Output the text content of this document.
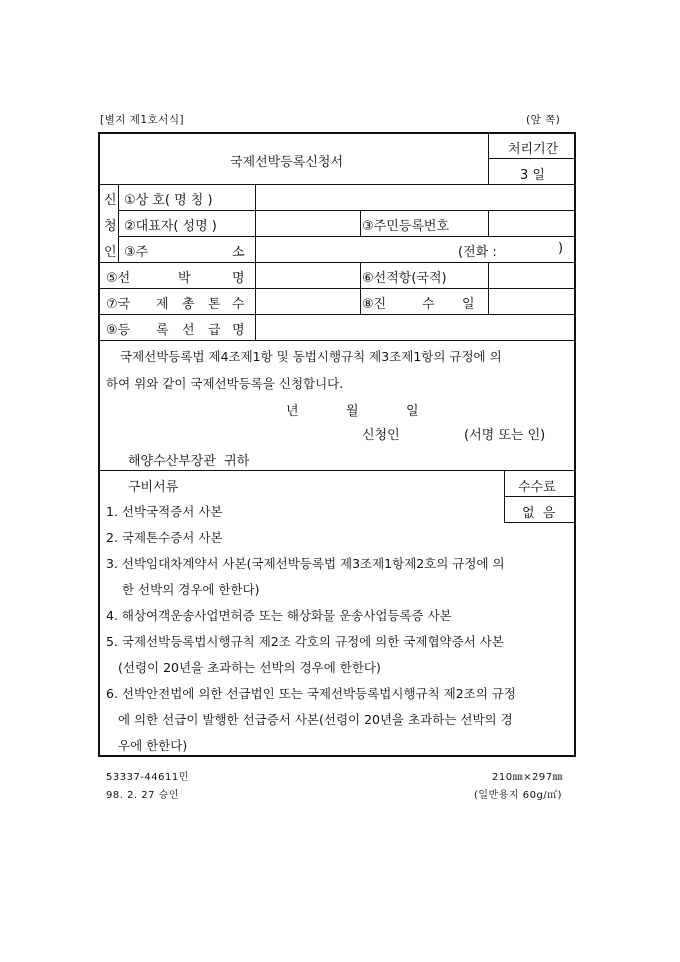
[별지 제1호서식]	(앞 쪽)
국제선박등록신청서
처리기간
3 일
신
청
인
①상 호( 명 칭 )
②대표자( 성명 )	③주민등록번호
③주	소	(전화 :	)
⑤선	박	명	⑥선적항(국적)
⑦국 제 총 톤 수	⑧진	수 일
⑨등 록 선 급 명
국제선박등록법 제4조제1항 및 동법시행규칙 제3조제1항의 규정에 의
하여 위와 같이 국제선박등록을 신청합니다.
년	월	일
신청인	(서명 또는 인)
해양수산부장관  귀하
구비서류	수수료
없  음
1. 선박국적증서 사본
2. 국제톤수증서 사본
3. 선박임대차계약서 사본(국제선박등록법 제3조제1항제2호의 규정에 의
한 선박의 경우에 한한다)
4. 해상여객운송사업면허증 또는 해상화물 운송사업등록증 사본
5. 국제선박등록법시행규칙 제2조 각호의 규정에 의한 국제협약증서 사본
(선령이 20년을 초과하는 선박의 경우에 한한다)
6. 선박안전법에 의한 선급법인 또는 국제선박등록법시행규칙 제2조의 규정
에 의한 선급이 발행한 선급증서 사본(선령이 20년을 초과하는 선박의 경
우에 한한다)
53337-44611민
98. 2. 27 승인
210㎜×297㎜
(일반용지 60g/㎡)
